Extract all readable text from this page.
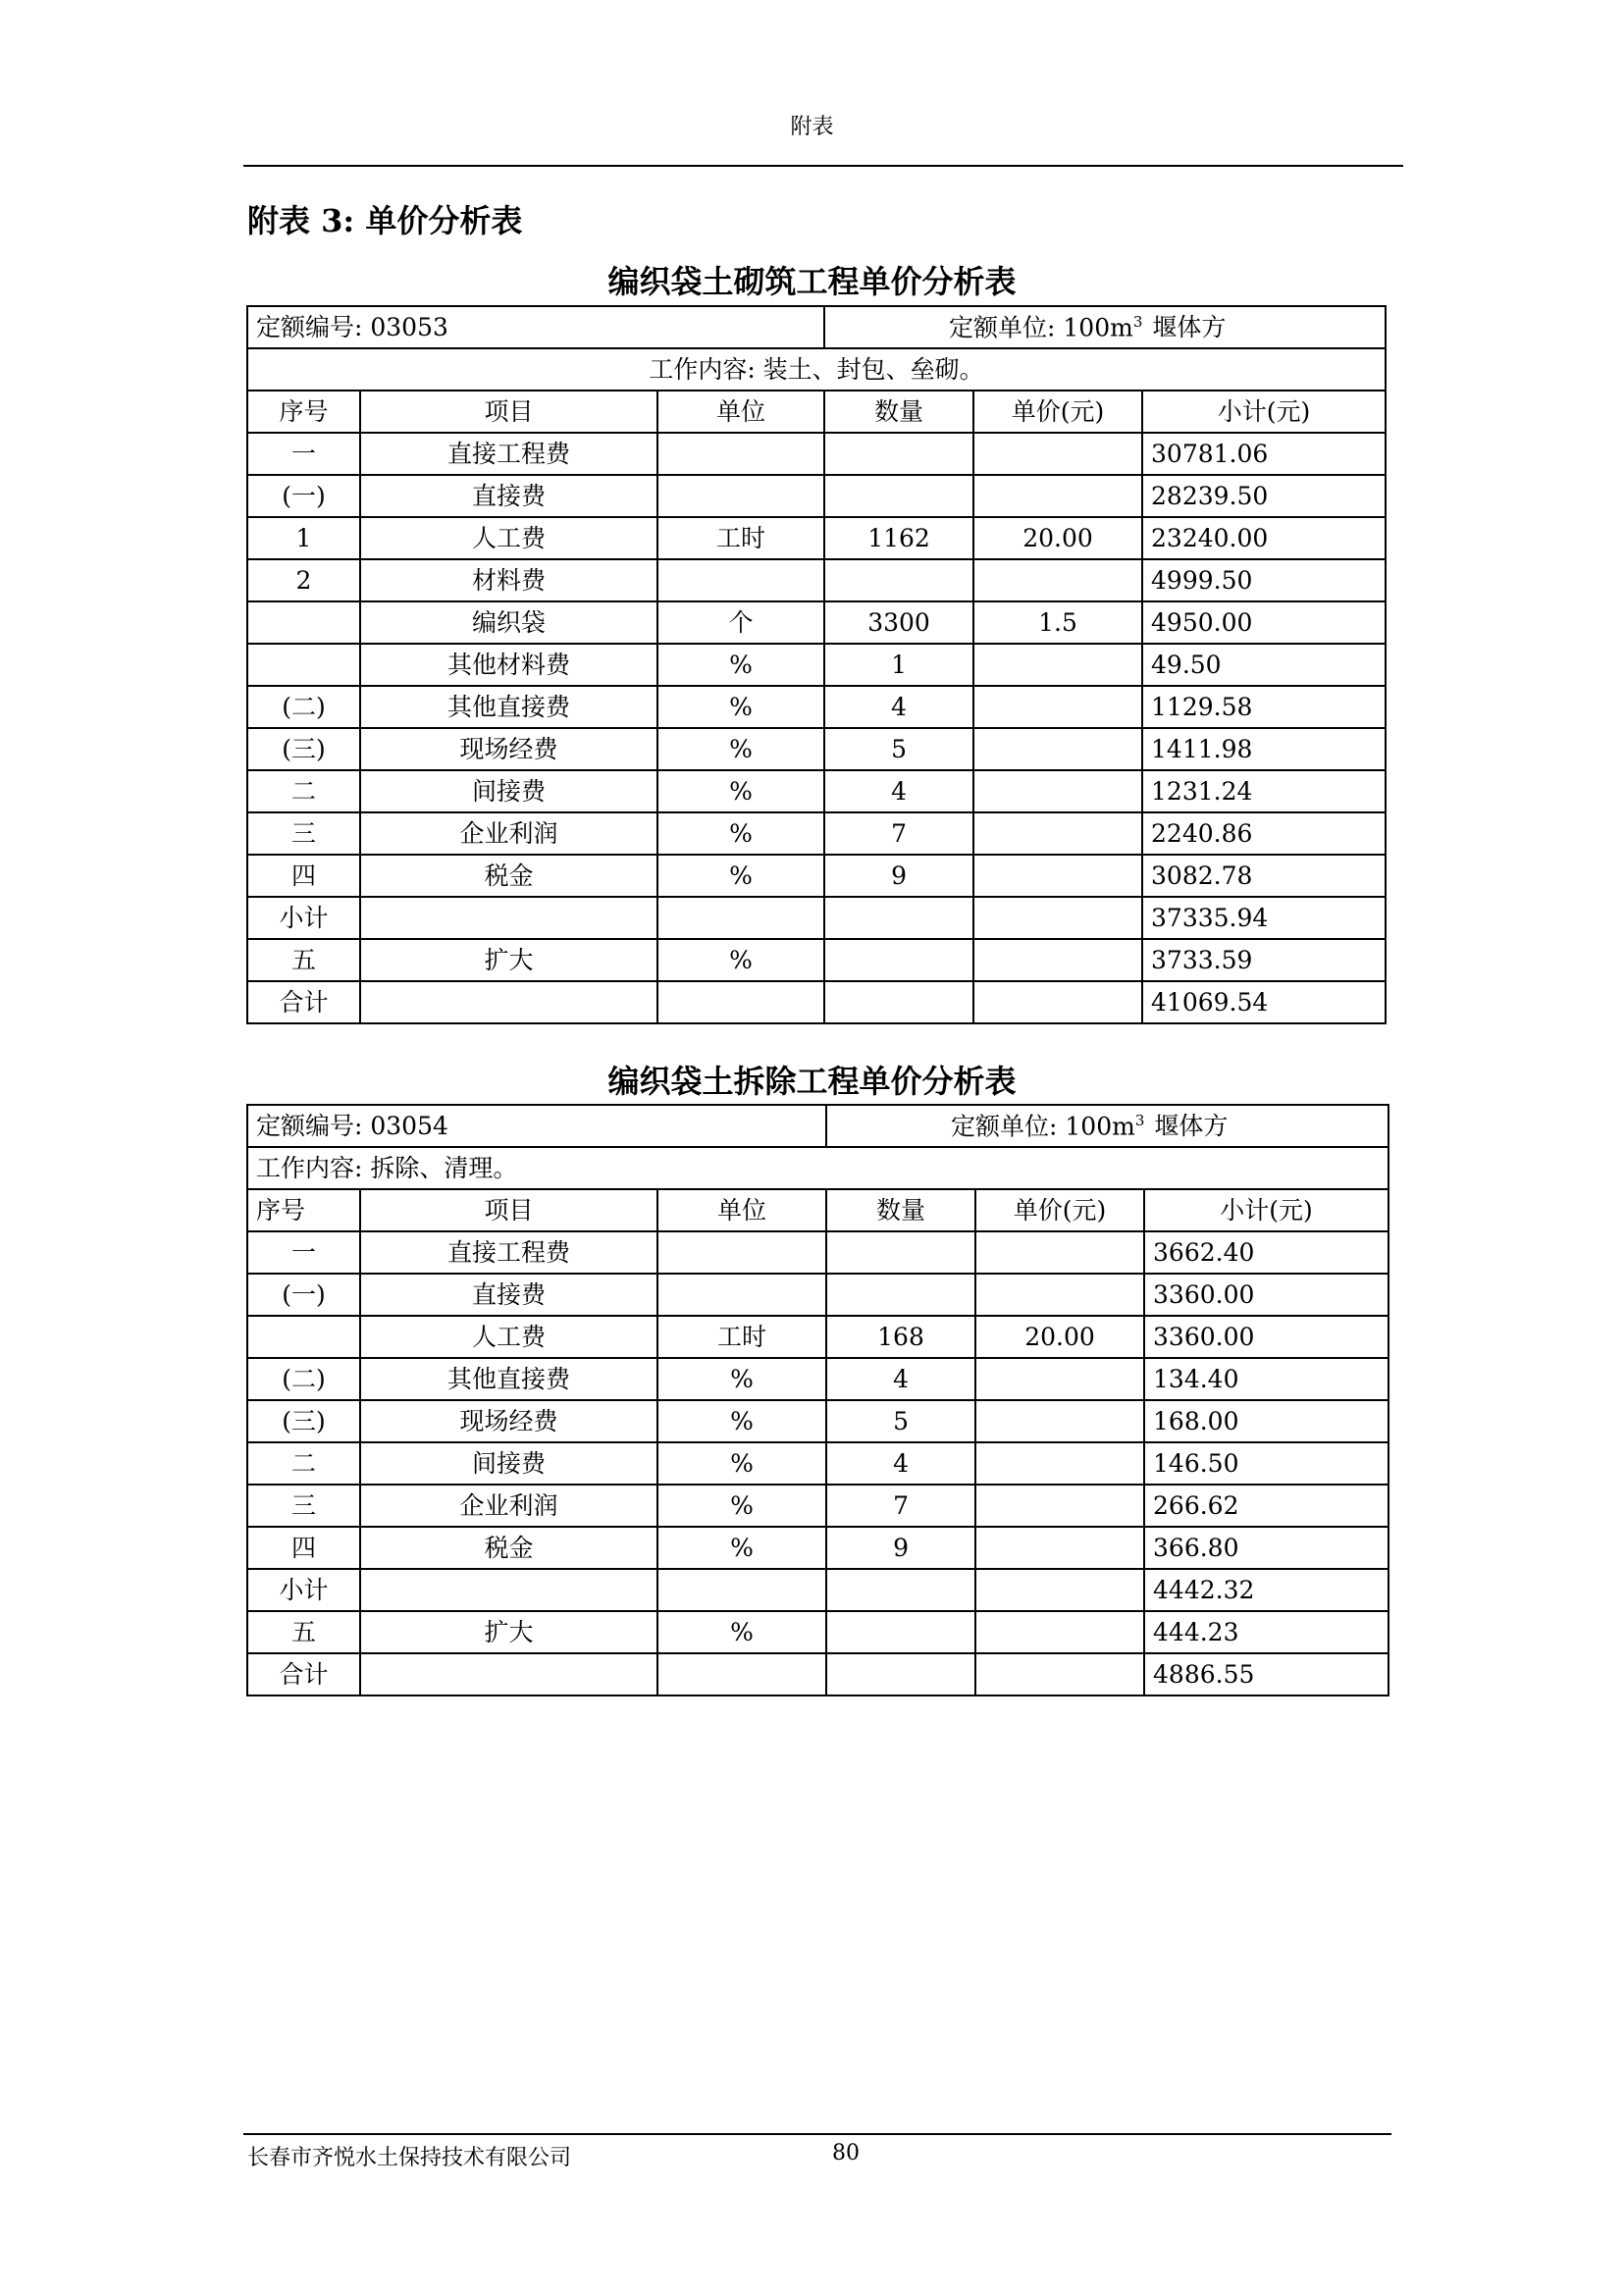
附表
附表 3: 单价分析表
编织袋土砌筑工程单价分析表
定额编号: 03053			定额单位: $100m^3$ 堰体方		
工作内容: 装土、封包、垒砌。					
序号	项目	单位	数量	单价(元)	小计(元)
一	直接工程费				30781.06
(一)	直接费				28239.50
1	人工费	工时	1162	20.00	23240.00
2	材料费				4999.50
	编织袋	个	3300	1.5	4950.00
	其他材料费	%	1		49.50
(二)	其他直接费	%	4		1129.58
(三)	现场经费	%	5		1411.98
二	间接费	%	4		1231.24
三	企业利润	%	7		2240.86
四	税金	%	9		3082.78
小计					37335.94
五	扩大	%			3733.59
合计					41069.54
编织袋土拆除工程单价分析表
定额编号: 03054			定额单位: $100m^3$ 堰体方		
工作内容: 拆除、清理。					
序号	项目	单位	数量	单价(元)	小计(元)
一	直接工程费				3662.40
(一)	直接费				3360.00
	人工费	工时	168	20.00	3360.00
(二)	其他直接费	%	4		134.40
(三)	现场经费	%	5		168.00
二	间接费	%	4		146.50
三	企业利润	%	7		266.62
四	税金	%	9		366.80
小计					4442.32
五	扩大	%			444.23
合计					4886.55
长春市齐悦水土保持技术有限公司	80
